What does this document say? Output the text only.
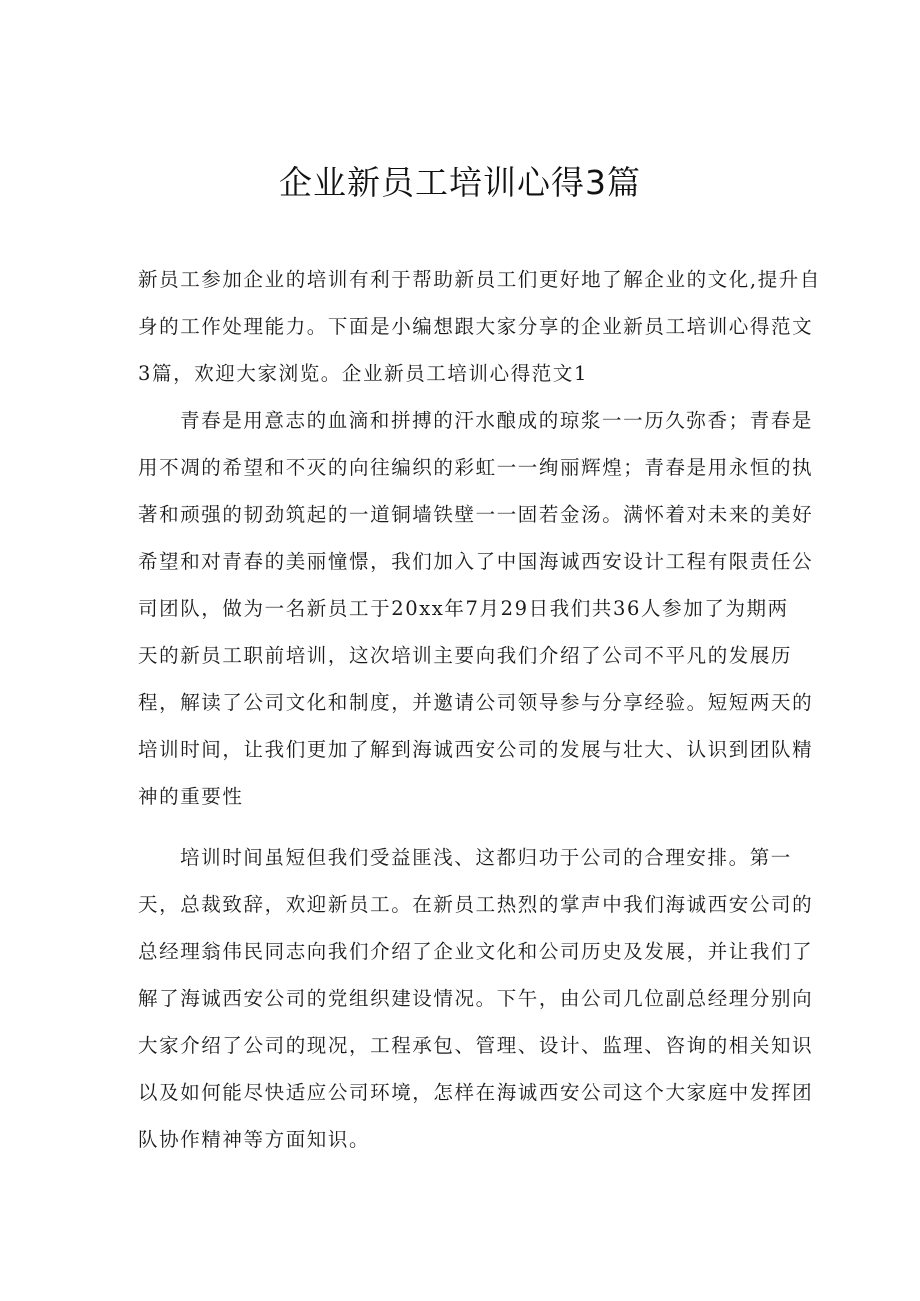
企业新员工培训心得3篇
新员工参加企业的培训有利于帮助新员工们更好地了解企业的文化,提升自
身的工作处理能力。下面是小编想跟大家分享的企业新员工培训心得范文
3篇，欢迎大家浏览。企业新员工培训心得范文1
青春是用意志的血滴和拼搏的汗水酿成的琼浆一一历久弥香；青春是
用不凋的希望和不灭的向往编织的彩虹一一绚丽辉煌；青春是用永恒的执
著和顽强的韧劲筑起的一道铜墙铁壁一一固若金汤。满怀着对未来的美好
希望和对青春的美丽憧憬，我们加入了中国海诚西安设计工程有限责任公
司团队，做为一名新员工于20xx年7月29日我们共36人参加了为期两
天的新员工职前培训，这次培训主要向我们介绍了公司不平凡的发展历
程，解读了公司文化和制度，并邀请公司领导参与分享经验。短短两天的
培训时间，让我们更加了解到海诚西安公司的发展与壮大、认识到团队精
神的重要性
培训时间虽短但我们受益匪浅、这都归功于公司的合理安排。第一
天，总裁致辞，欢迎新员工。在新员工热烈的掌声中我们海诚西安公司的
总经理翁伟民同志向我们介绍了企业文化和公司历史及发展，并让我们了
解了海诚西安公司的党组织建设情况。下午，由公司几位副总经理分别向
大家介绍了公司的现况，工程承包、管理、设计、监理、咨询的相关知识
以及如何能尽快适应公司环境，怎样在海诚西安公司这个大家庭中发挥团
队协作精神等方面知识。
